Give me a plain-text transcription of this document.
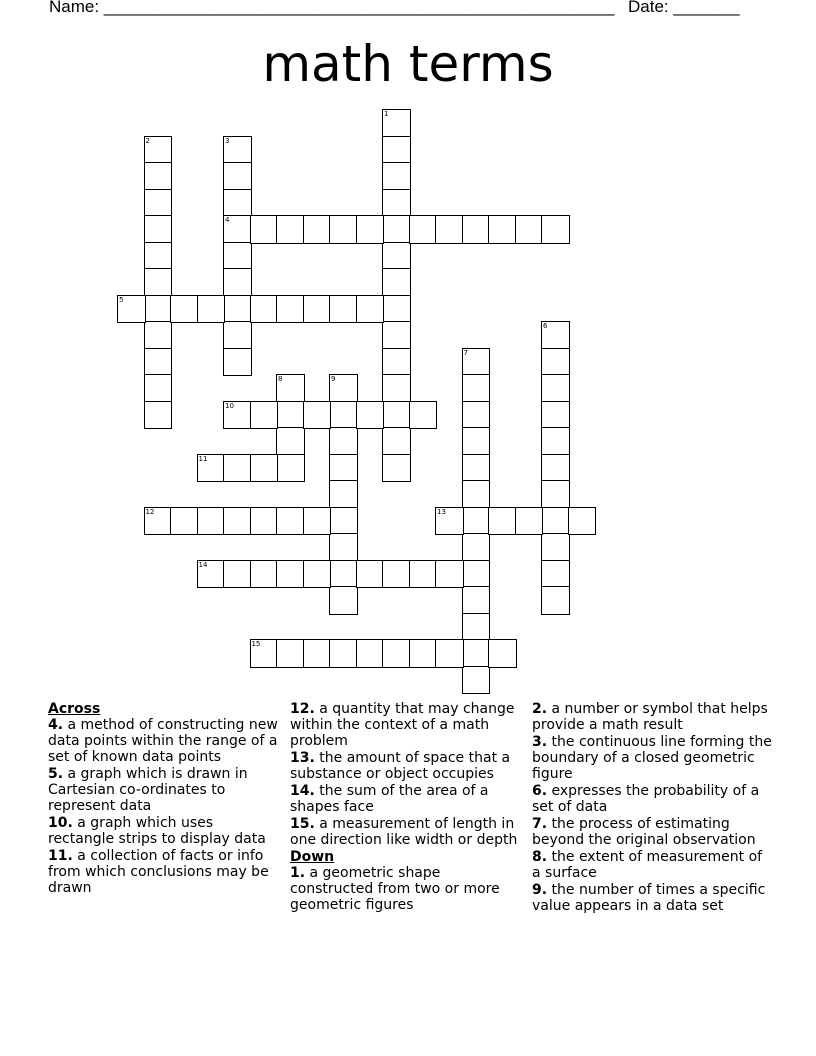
Name: ______________________________________________________ Date: _______
math terms
1
2	3
4
5
6
7
8	9
10
11
12	13
14
15
Across
4. a method of constructing new data points within the range of a set of known data points
5. a graph which is drawn in Cartesian co-ordinates to represent data
10. a graph which uses rectangle strips to display data
11. a collection of facts or info from which conclusions may be drawn
12. a quantity that may change within the context of a math problem
13. the amount of space that a substance or object occupies
14. the sum of the area of a shapes face
15. a measurement of length in one direction like width or depth
Down
1. a geometric shape constructed from two or more geometric figures
2. a number or symbol that helps provide a math result
3. the continuous line forming the boundary of a closed geometric figure
6. expresses the probability of a set of data
7. the process of estimating beyond the original observation
8. the extent of measurement of a surface
9. the number of times a specific value appears in a data set
